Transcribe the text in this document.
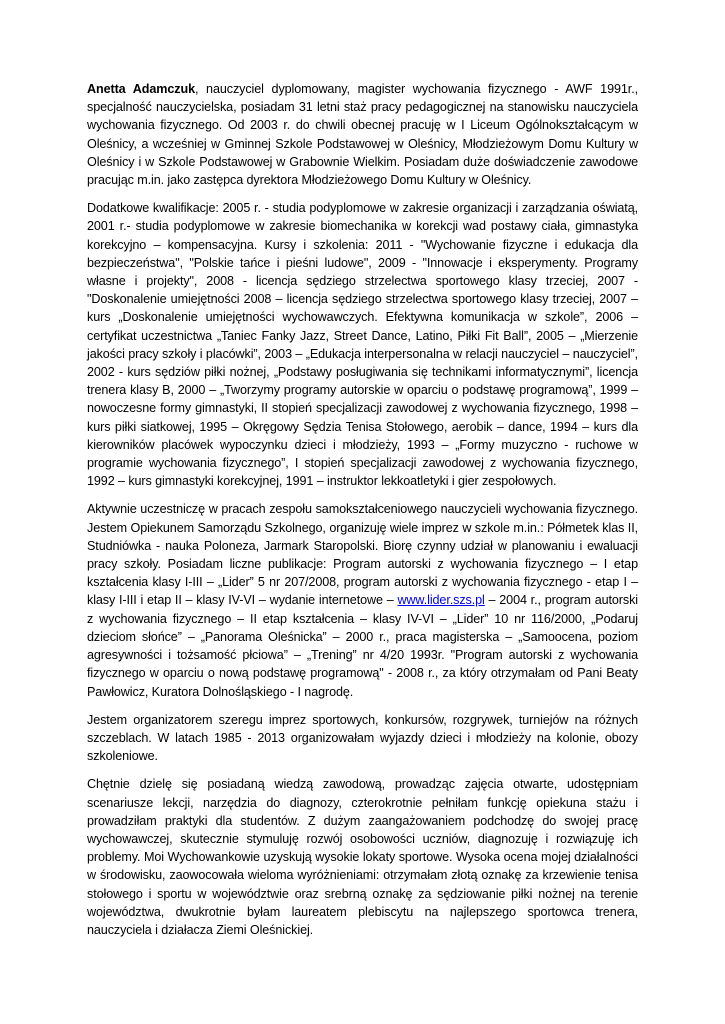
Anetta Adamczuk, nauczyciel dyplomowany, magister wychowania fizycznego - AWF 1991r., specjalność nauczycielska, posiadam 31 letni staż pracy pedagogicznej na stanowisku nauczyciela wychowania fizycznego. Od 2003 r. do chwili obecnej pracuję w I Liceum Ogólnokształcącym w Oleśnicy, a wcześniej w Gminnej Szkole Podstawowej w Oleśnicy, Młodzieżowym Domu Kultury w Oleśnicy i w Szkole Podstawowej w Grabownie Wielkim. Posiadam duże doświadczenie zawodowe pracując m.in. jako zastępca dyrektora Młodzieżowego Domu Kultury w Oleśnicy.

Dodatkowe kwalifikacje: 2005 r. - studia podyplomowe w zakresie organizacji i zarządzania oświatą, 2001 r.- studia podyplomowe w zakresie biomechanika w korekcji wad postawy ciała, gimnastyka korekcyjno – kompensacyjna. Kursy i szkolenia: 2011 - "Wychowanie fizyczne i edukacja dla bezpieczeństwa", "Polskie tańce i pieśni ludowe", 2009 - "Innowacje i eksperymenty. Programy własne i projekty", 2008 - licencja sędziego strzelectwa sportowego klasy trzeciej, 2007 - "Doskonalenie umiejętności 2008 – licencja sędziego strzelectwa sportowego klasy trzeciej, 2007 – kurs „Doskonalenie umiejętności wychowawczych. Efektywna komunikacja w szkole”, 2006 – certyfikat uczestnictwa „Taniec Fanky Jazz, Street Dance, Latino, Piłki Fit Ball”, 2005 – „Mierzenie jakości pracy szkoły i placówki”, 2003 – „Edukacja interpersonalna w relacji nauczyciel – nauczyciel”, 2002 - kurs sędziów piłki nożnej, „Podstawy posługiwania się technikami informatycznymi”, licencja trenera klasy B, 2000 – „Tworzymy programy autorskie w oparciu o podstawę programową”, 1999 – nowoczesne formy gimnastyki, II stopień specjalizacji zawodowej z wychowania fizycznego, 1998 – kurs piłki siatkowej, 1995 – Okręgowy Sędzia Tenisa Stołowego, aerobik – dance, 1994 – kurs dla kierowników placówek wypoczynku dzieci i młodzieży, 1993 – „Formy muzyczno - ruchowe w programie wychowania fizycznego”, I stopień specjalizacji zawodowej z wychowania fizycznego, 1992 – kurs gimnastyki korekcyjnej, 1991 – instruktor lekkoatletyki i gier zespołowych.

Aktywnie uczestniczę w pracach zespołu samokształceniowego nauczycieli wychowania fizycznego. Jestem Opiekunem Samorządu Szkolnego, organizuję wiele imprez w szkole m.in.: Półmetek klas II, Studniówka - nauka Poloneza, Jarmark Staropolski. Biorę czynny udział w planowaniu i ewaluacji pracy szkoły. Posiadam liczne publikacje: Program autorski z wychowania fizycznego – I etap kształcenia klasy I-III – „Lider” 5 nr 207/2008, program autorski z wychowania fizycznego - etap I – klasy I-III i etap II – klasy IV-VI – wydanie internetowe – www.lider.szs.pl – 2004 r., program autorski z wychowania fizycznego – II etap kształcenia – klasy IV-VI – „Lider” 10 nr 116/2000, „Podaruj dzieciom słońce” – „Panorama Oleśnicka” – 2000 r., praca magisterska – „Samoocena, poziom agresywności i tożsamość płciowa” – „Trening” nr 4/20 1993r. "Program autorski z wychowania fizycznego w oparciu o nową podstawę programową" - 2008 r., za który otrzymałam od Pani Beaty Pawłowicz, Kuratora Dolnośląskiego - I nagrodę.

Jestem organizatorem szeregu imprez sportowych, konkursów, rozgrywek, turniejów na różnych szczeblach. W latach 1985 - 2013 organizowałam wyjazdy dzieci i młodzieży na kolonie, obozy szkoleniowe.

Chętnie dzielę się posiadaną wiedzą zawodową, prowadząc zajęcia otwarte, udostępniam scenariusze lekcji, narzędzia do diagnozy, czterokrotnie pełniłam funkcję opiekuna stażu i prowadziłam praktyki dla studentów. Z dużym zaangażowaniem podchodzę do swojej pracę wychowawczej, skutecznie stymuluję rozwój osobowości uczniów, diagnozuję i rozwiązuję ich problemy. Moi Wychowankowie uzyskują wysokie lokaty sportowe. Wysoka ocena mojej działalności w środowisku, zaowocowała wieloma wyróżnieniami: otrzymałam złotą oznakę za krzewienie tenisa stołowego i sportu w województwie oraz srebrną oznakę za sędziowanie piłki nożnej na terenie województwa, dwukrotnie byłam laureatem plebiscytu na najlepszego sportowca trenera, nauczyciela i działacza Ziemi Oleśnickiej.
